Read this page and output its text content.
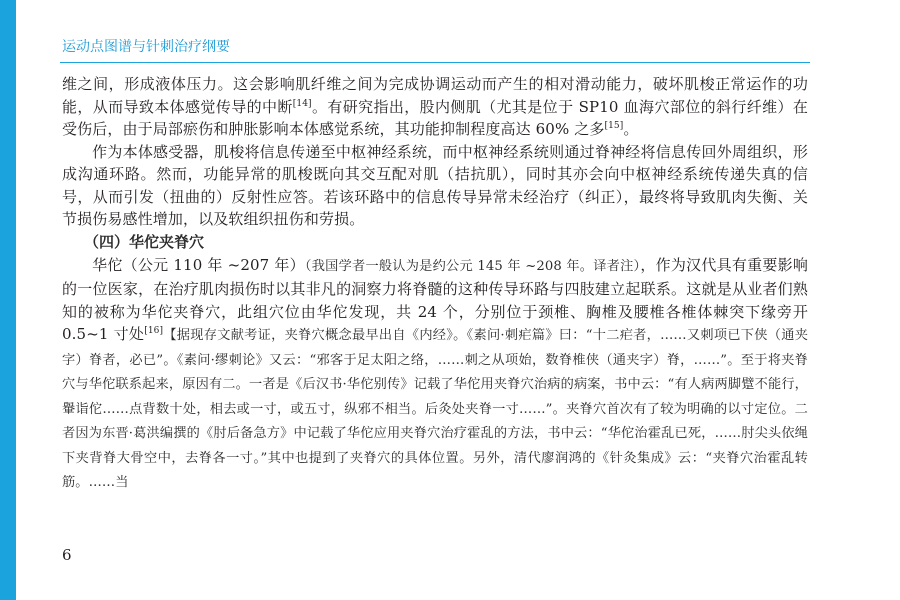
运动点图谱与针刺治疗纲要

维之间，形成液体压力。这会影响肌纤维之间为完成协调运动而产生的相对滑动能力，破坏肌梭正常运作的功能，从而导致本体感觉传导的中断[14]。有研究指出，股内侧肌（尤其是位于 SP10 血海穴部位的斜行纤维）在受伤后，由于局部瘀伤和肿胀影响本体感觉系统，其功能抑制程度高达 60% 之多[15]。

作为本体感受器，肌梭将信息传递至中枢神经系统，而中枢神经系统则通过脊神经将信息传回外周组织，形成沟通环路。然而，功能异常的肌梭既向其交互配对肌（拮抗肌），同时其亦会向中枢神经系统传递失真的信号，从而引发（扭曲的）反射性应答。若该环路中的信息传导异常未经治疗（纠正），最终将导致肌肉失衡、关节损伤易感性增加，以及软组织扭伤和劳损。

（四）华佗夹脊穴

华佗（公元 110 年 ~207 年）（我国学者一般认为是约公元 145 年 ~208 年。译者注），作为汉代具有重要影响的一位医家，在治疗肌肉损伤时以其非凡的洞察力将脊髓的这种传导环路与四肢建立起联系。这就是从业者们熟知的被称为华佗夹脊穴，此组穴位由华佗发现，共 24 个，分别位于颈椎、胸椎及腰椎各椎体棘突下缘旁开 0.5~1 寸处[16]【据现存文献考证，夹脊穴概念最早出自《内经》。《素问·刺疟篇》曰：“十二疟者，……又刺项已下侠（通夹字）脊者，必已”。《素问·缪刺论》又云：“邪客于足太阳之络，……刺之从项始，数脊椎侠（通夹字）脊，……”。至于将夹脊穴与华佗联系起来，原因有二。一者是《后汉书·华佗别传》记载了华佗用夹脊穴治病的病案，书中云：“有人病两脚躄不能行，轝诣佗……点背数十处，相去或一寸，或五寸，纵邪不相当。后灸处夹脊一寸……”。夹脊穴首次有了较为明确的以寸定位。二者因为东晋·葛洪编撰的《肘后备急方》中记载了华佗应用夹脊穴治疗霍乱的方法，书中云：“华佗治霍乱已死，……肘尖头依绳下夹背脊大骨空中，去脊各一寸。”其中也提到了夹脊穴的具体位置。另外，清代廖润鸿的《针灸集成》云：“夹脊穴治霍乱转筋。……当

6
